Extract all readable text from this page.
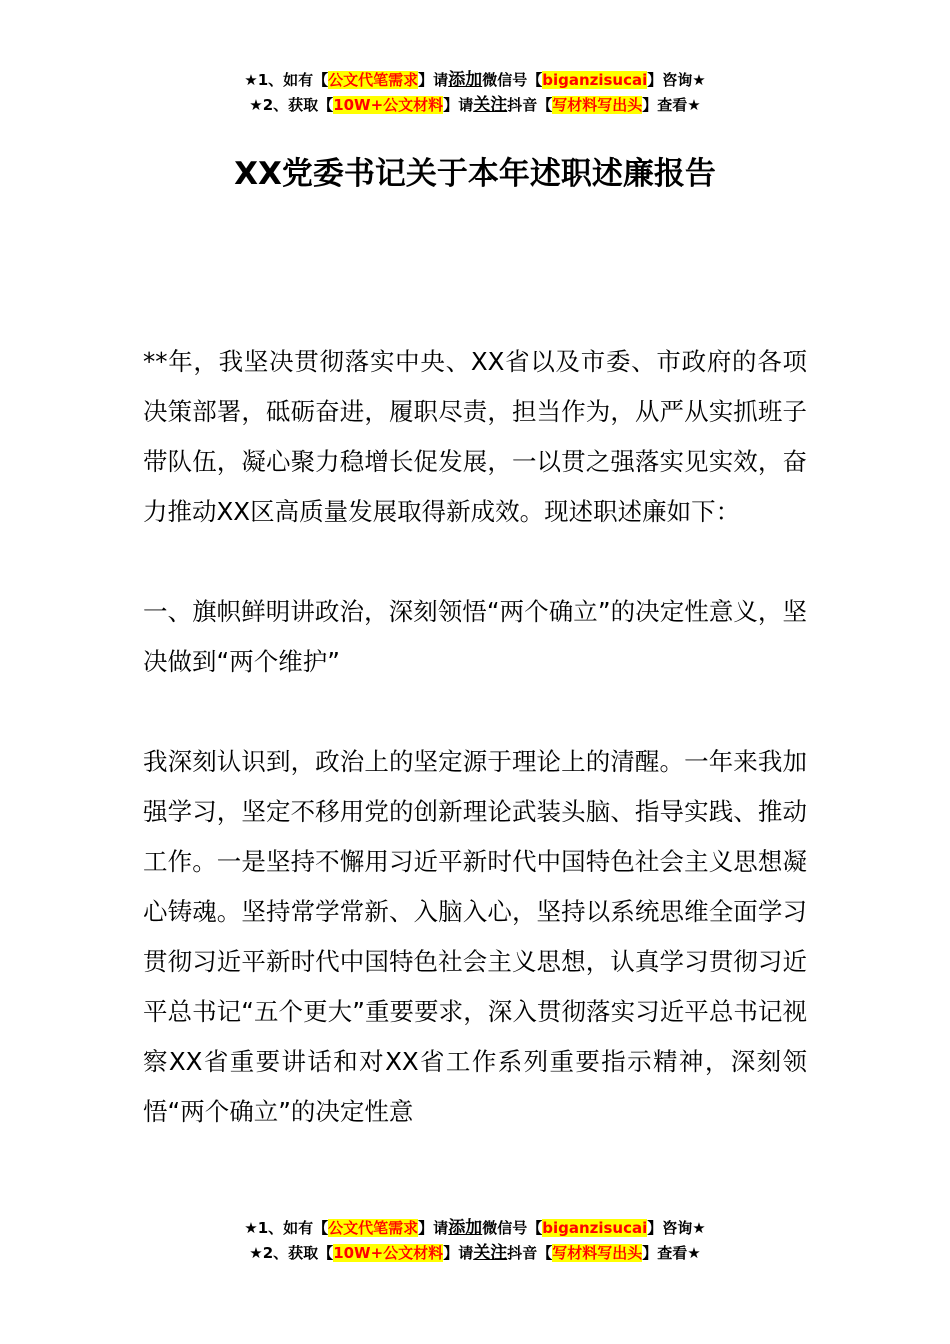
★1、如有【公文代笔需求】请添加微信号【biganzisucai】咨询★
★2、获取【10W+公文材料】请关注抖音【写材料写出头】查看★
XX党委书记关于本年述职述廉报告

**年，我坚决贯彻落实中央、XX省以及市委、市政府的各项决策部署，砥砺奋进，履职尽责，担当作为，从严从实抓班子带队伍，凝心聚力稳增长促发展，一以贯之强落实见实效，奋力推动XX区高质量发展取得新成效。现述职述廉如下：

一、旗帜鲜明讲政治，深刻领悟“两个确立”的决定性意义，坚决做到“两个维护”

我深刻认识到，政治上的坚定源于理论上的清醒。一年来我加强学习，坚定不移用党的创新理论武装头脑、指导实践、推动工作。一是坚持不懈用习近平新时代中国特色社会主义思想凝心铸魂。坚持常学常新、入脑入心，坚持以系统思维全面学习贯彻习近平新时代中国特色社会主义思想，认真学习贯彻习近平总书记“五个更大”重要要求，深入贯彻落实习近平总书记视察XX省重要讲话和对XX省工作系列重要指示精神，深刻领悟“两个确立”的决定性意

★1、如有【公文代笔需求】请添加微信号【biganzisucai】咨询★
★2、获取【10W+公文材料】请关注抖音【写材料写出头】查看★
